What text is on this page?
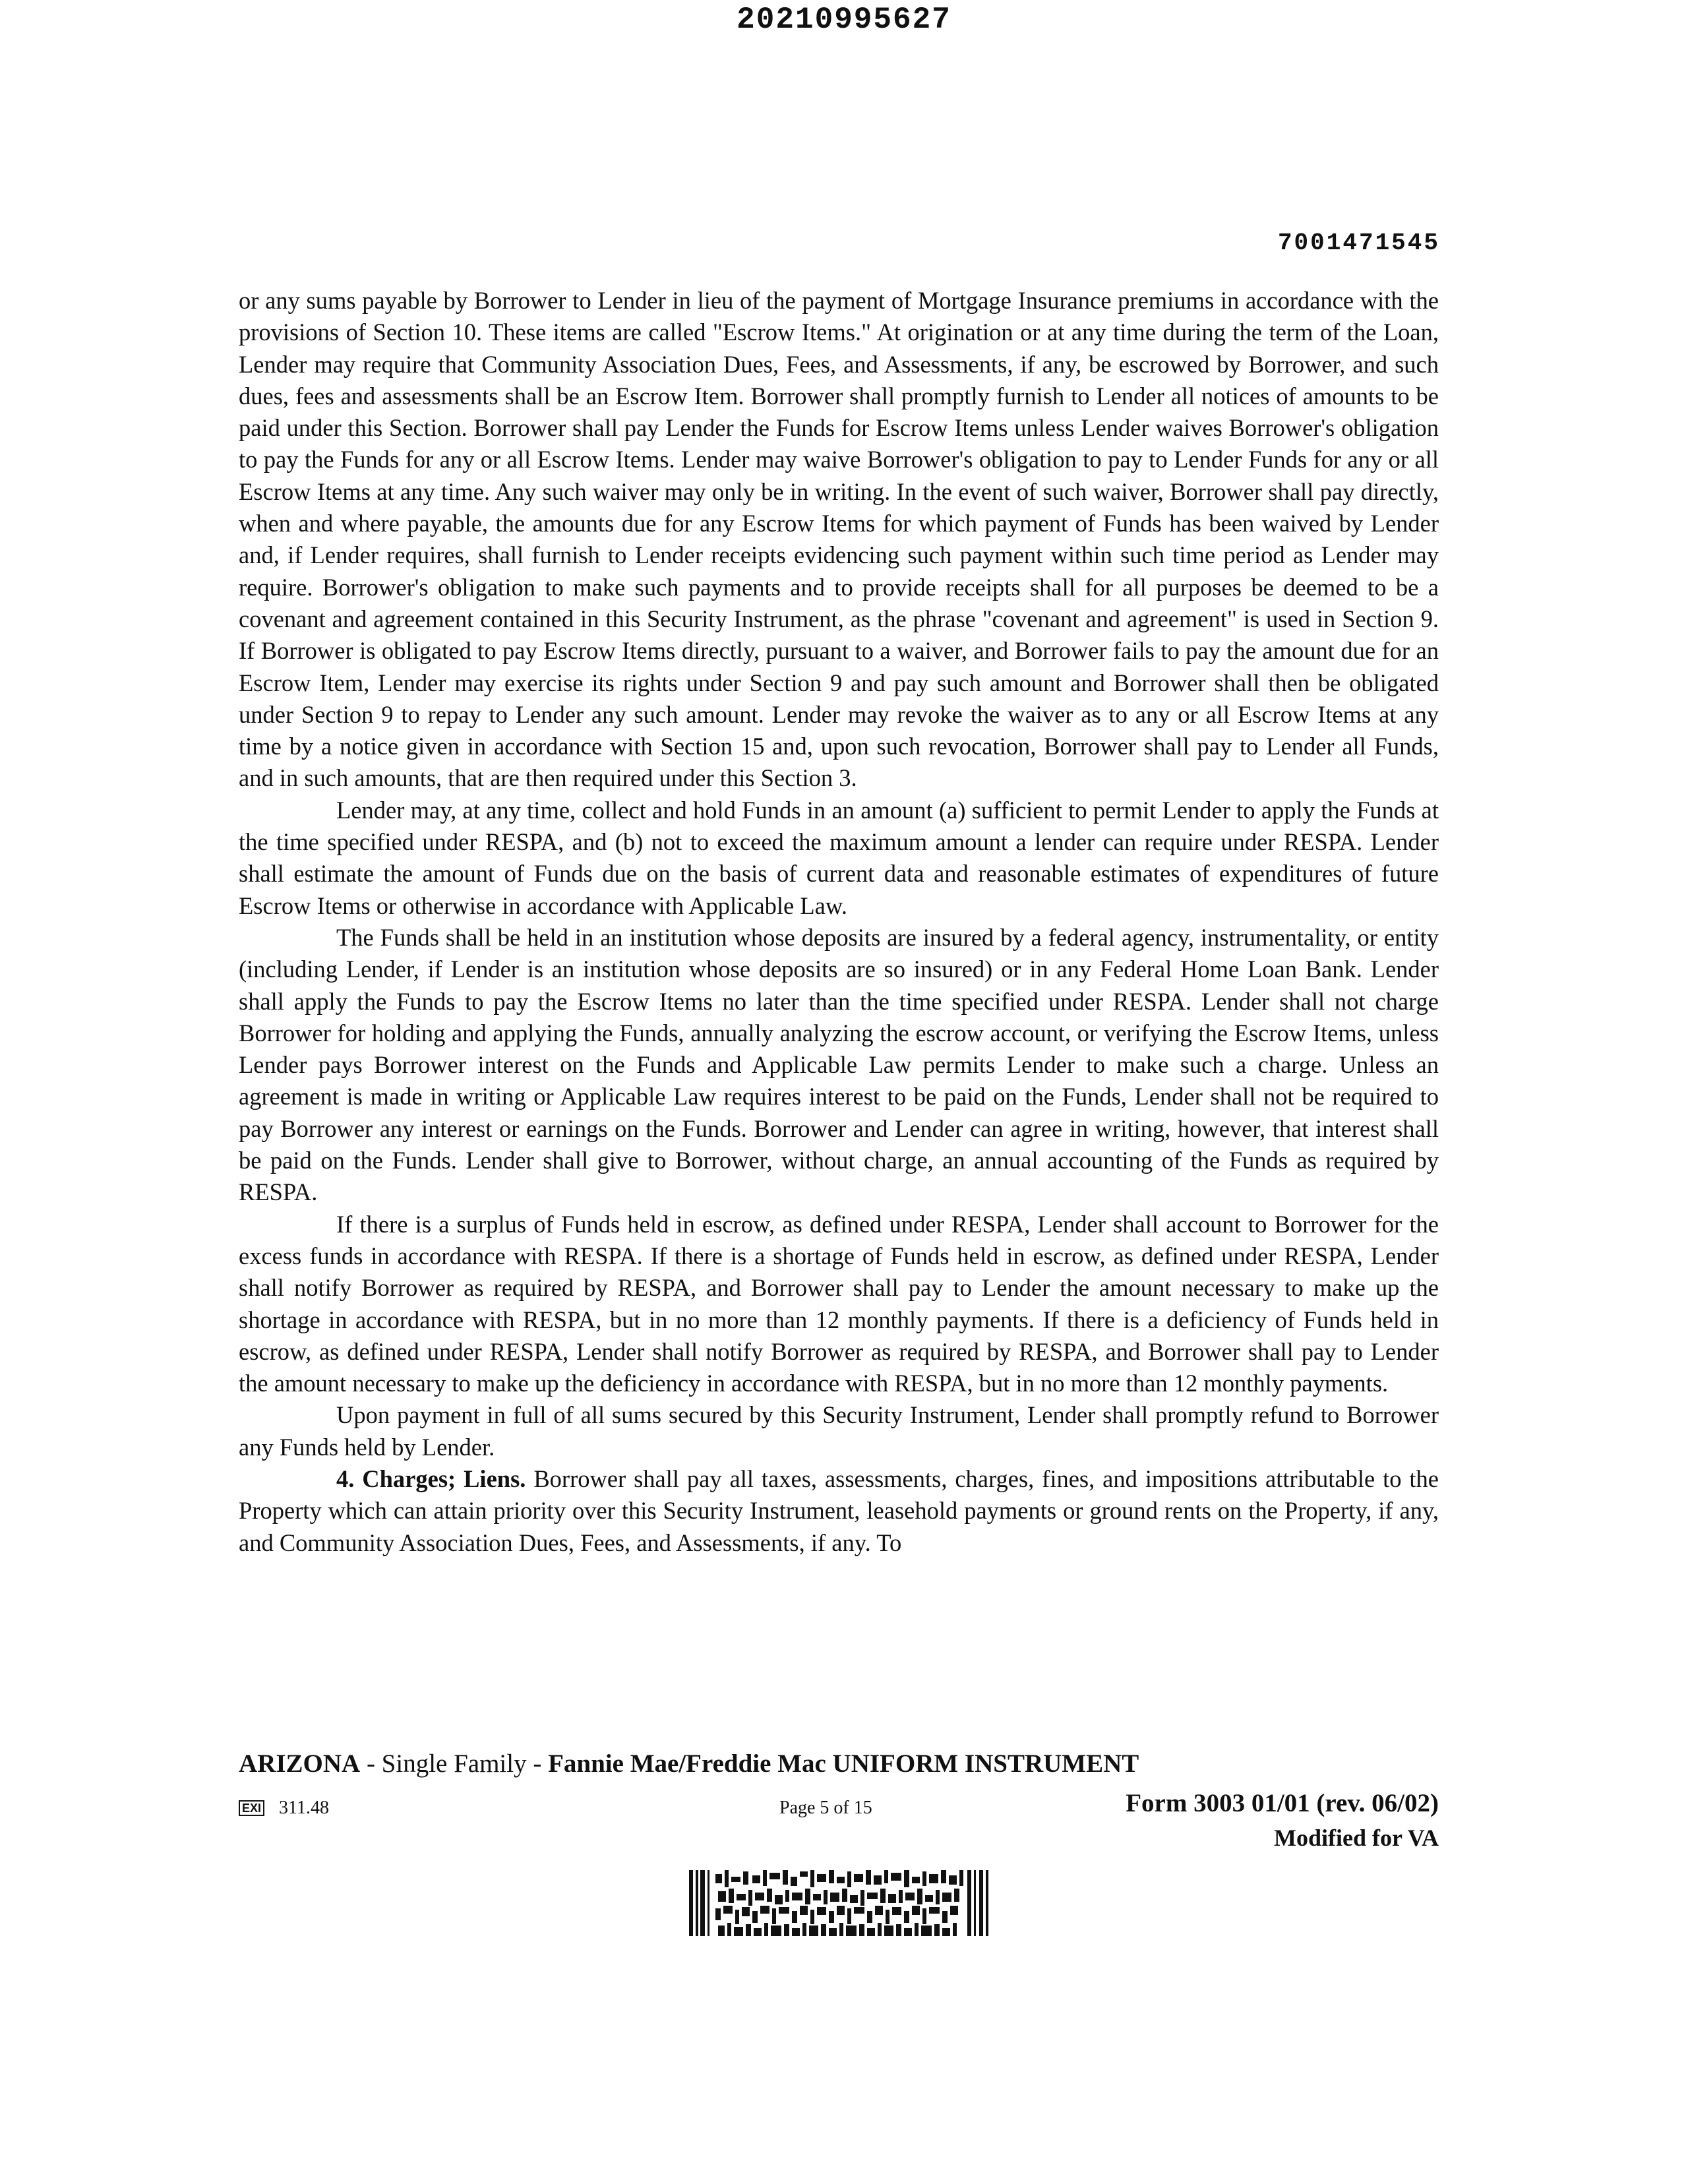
20210995627
7001471545

or any sums payable by Borrower to Lender in lieu of the payment of Mortgage Insurance premiums in accordance with the provisions of Section 10. These items are called "Escrow Items." At origination or at any time during the term of the Loan, Lender may require that Community Association Dues, Fees, and Assessments, if any, be escrowed by Borrower, and such dues, fees and assessments shall be an Escrow Item. Borrower shall promptly furnish to Lender all notices of amounts to be paid under this Section. Borrower shall pay Lender the Funds for Escrow Items unless Lender waives Borrower's obligation to pay the Funds for any or all Escrow Items. Lender may waive Borrower's obligation to pay to Lender Funds for any or all Escrow Items at any time. Any such waiver may only be in writing. In the event of such waiver, Borrower shall pay directly, when and where payable, the amounts due for any Escrow Items for which payment of Funds has been waived by Lender and, if Lender requires, shall furnish to Lender receipts evidencing such payment within such time period as Lender may require. Borrower's obligation to make such payments and to provide receipts shall for all purposes be deemed to be a covenant and agreement contained in this Security Instrument, as the phrase "covenant and agreement" is used in Section 9. If Borrower is obligated to pay Escrow Items directly, pursuant to a waiver, and Borrower fails to pay the amount due for an Escrow Item, Lender may exercise its rights under Section 9 and pay such amount and Borrower shall then be obligated under Section 9 to repay to Lender any such amount. Lender may revoke the waiver as to any or all Escrow Items at any time by a notice given in accordance with Section 15 and, upon such revocation, Borrower shall pay to Lender all Funds, and in such amounts, that are then required under this Section 3.

Lender may, at any time, collect and hold Funds in an amount (a) sufficient to permit Lender to apply the Funds at the time specified under RESPA, and (b) not to exceed the maximum amount a lender can require under RESPA. Lender shall estimate the amount of Funds due on the basis of current data and reasonable estimates of expenditures of future Escrow Items or otherwise in accordance with Applicable Law.

The Funds shall be held in an institution whose deposits are insured by a federal agency, instrumentality, or entity (including Lender, if Lender is an institution whose deposits are so insured) or in any Federal Home Loan Bank. Lender shall apply the Funds to pay the Escrow Items no later than the time specified under RESPA. Lender shall not charge Borrower for holding and applying the Funds, annually analyzing the escrow account, or verifying the Escrow Items, unless Lender pays Borrower interest on the Funds and Applicable Law permits Lender to make such a charge. Unless an agreement is made in writing or Applicable Law requires interest to be paid on the Funds, Lender shall not be required to pay Borrower any interest or earnings on the Funds. Borrower and Lender can agree in writing, however, that interest shall be paid on the Funds. Lender shall give to Borrower, without charge, an annual accounting of the Funds as required by RESPA.

If there is a surplus of Funds held in escrow, as defined under RESPA, Lender shall account to Borrower for the excess funds in accordance with RESPA. If there is a shortage of Funds held in escrow, as defined under RESPA, Lender shall notify Borrower as required by RESPA, and Borrower shall pay to Lender the amount necessary to make up the shortage in accordance with RESPA, but in no more than 12 monthly payments. If there is a deficiency of Funds held in escrow, as defined under RESPA, Lender shall notify Borrower as required by RESPA, and Borrower shall pay to Lender the amount necessary to make up the deficiency in accordance with RESPA, but in no more than 12 monthly payments.

Upon payment in full of all sums secured by this Security Instrument, Lender shall promptly refund to Borrower any Funds held by Lender.

4. Charges; Liens. Borrower shall pay all taxes, assessments, charges, fines, and impositions attributable to the Property which can attain priority over this Security Instrument, leasehold payments or ground rents on the Property, if any, and Community Association Dues, Fees, and Assessments, if any. To

ARIZONA - Single Family - Fannie Mae/Freddie Mac UNIFORM INSTRUMENT
EXI 311.48	Page 5 of 15	Form 3003 01/01 (rev. 06/02)
Modified for VA
